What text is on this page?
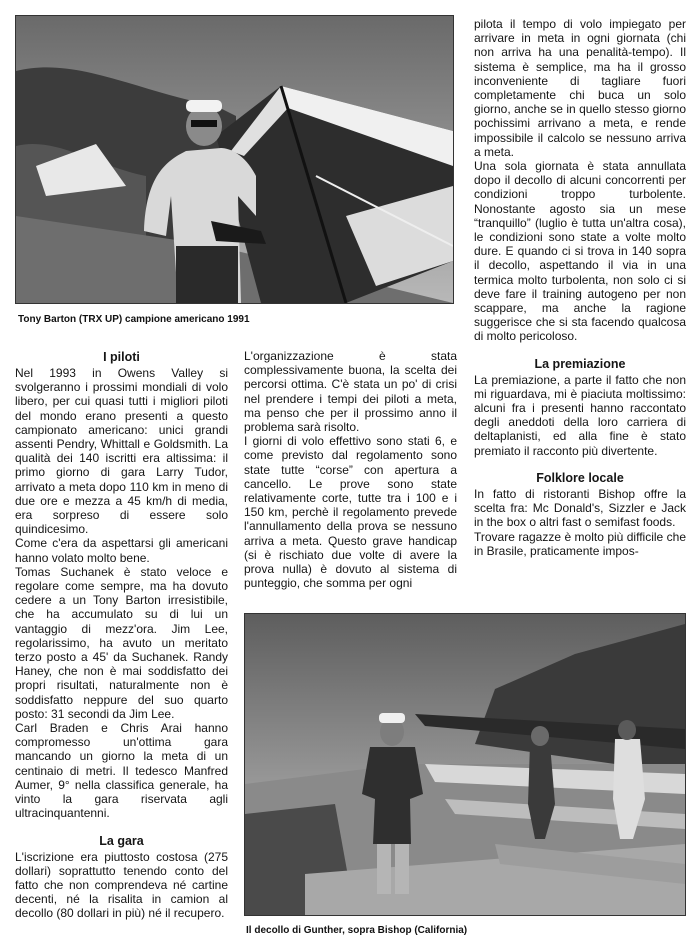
Tony Barton (TRX UP) campione americano 1991
I piloti

Nel 1993 in Owens Valley si svolgeranno i prossimi mondiali di volo libero, per cui quasi tutti i migliori piloti del mondo erano presenti a questo campionato americano: unici grandi assenti Pendry, Whittall e Goldsmith. La qualità dei 140 iscritti era altissima: il primo giorno di gara Larry Tudor, arrivato a meta dopo 110 km in meno di due ore e mezza a 45 km/h di media, era sorpreso di essere solo quindicesimo.

Come c'era da aspettarsi gli americani hanno volato molto bene.

Tomas Suchanek è stato veloce e regolare come sempre, ma ha dovuto cedere a un Tony Barton irresistibile, che ha accumulato su di lui un vantaggio di mezz'ora. Jim Lee, regolarissimo, ha avuto un meritato terzo posto a 45' da Suchanek. Randy Haney, che non è mai soddisfatto dei propri risultati, naturalmente non è soddisfatto neppure del suo quarto posto: 31 secondi da Jim Lee.

Carl Braden e Chris Arai hanno compromesso un'ottima gara mancando un giorno la meta di un centinaio di metri. Il tedesco Manfred Aumer, 9° nella classifica generale, ha vinto la gara riservata agli ultracinquantenni.

La gara

L'iscrizione era piuttosto costosa (275 dollari) soprattutto tenendo conto del fatto che non comprendeva né cartine decenti, né la risalita in camion al decollo (80 dollari in più) né il recupero.

L'organizzazione è stata complessivamente buona, la scelta dei percorsi ottima. C'è stata un po' di crisi nel prendere i tempi dei piloti a meta, ma penso che per il prossimo anno il problema sarà risolto.

I giorni di volo effettivo sono stati 6, e come previsto dal regolamento sono state tutte “corse” con apertura a cancello. Le prove sono state relativamente corte, tutte tra i 100 e i 150 km, perchè il regolamento prevede l'annullamento della prova se nessuno arriva a meta. Questo grave handicap (si è rischiato due volte di avere la prova nulla) è dovuto al sistema di punteggio, che somma per ogni

pilota il tempo di volo impiegato per arrivare in meta in ogni giornata (chi non arriva ha una penalità-tempo). Il sistema è semplice, ma ha il grosso inconveniente di tagliare fuori completamente chi buca un solo giorno, anche se in quello stesso giorno pochissimi arrivano a meta, e rende impossibile il calcolo se nessuno arriva a meta.

Una sola giornata è stata annullata dopo il decollo di alcuni concorrenti per condizioni troppo turbolente. Nonostante agosto sia un mese “tranquillo” (luglio è tutta un'altra cosa), le condizioni sono state a volte molto dure. E quando ci si trova in 140 sopra il decollo, aspettando il via in una termica molto turbolenta, non solo ci si deve fare il training autogeno per non scappare, ma anche la ragione suggerisce che si sta facendo qualcosa di molto pericoloso.

La premiazione

La premiazione, a parte il fatto che non mi riguardava, mi è piaciuta moltissimo: alcuni fra i presenti hanno raccontato degli aneddoti della loro carriera di deltaplanisti, ed alla fine è stato premiato il racconto più divertente.

Folklore locale

In fatto di ristoranti Bishop offre la scelta fra: Mc Donald's, Sizzler e Jack in the box o altri fast o semifast foods.

Trovare ragazze è molto più difficile che in Brasile, praticamente impos-

Il decollo di Gunther, sopra Bishop (California)
